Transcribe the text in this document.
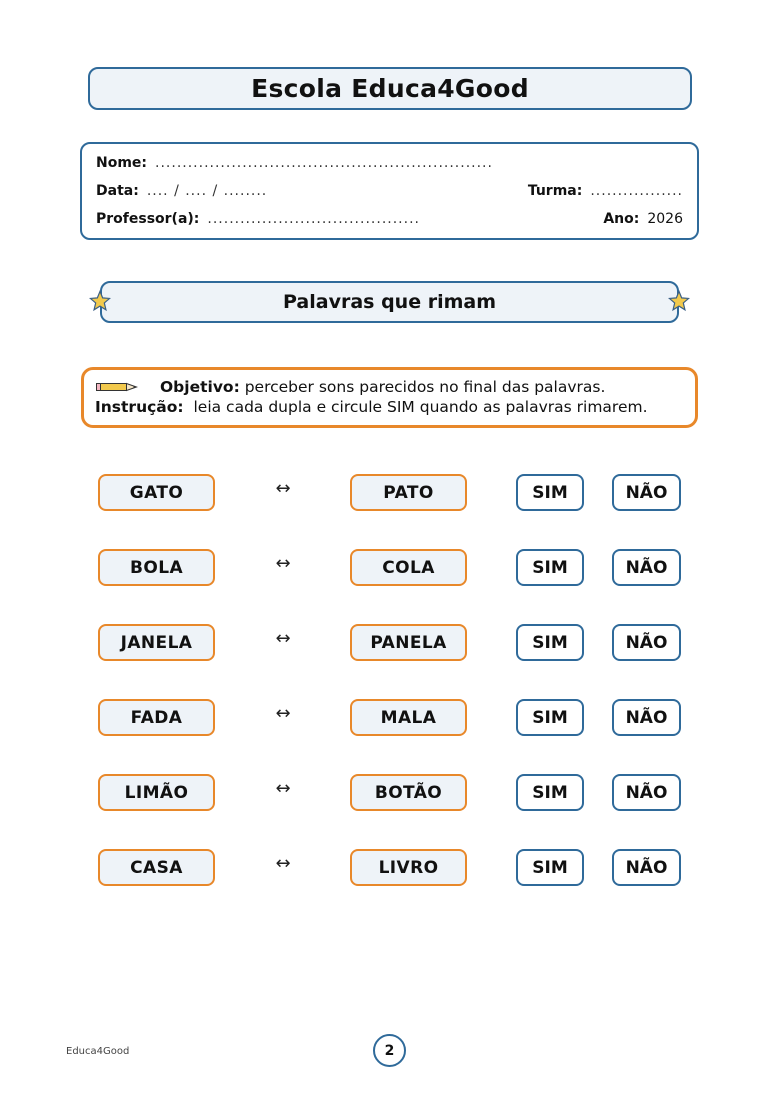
Escola Educa4Good
Nome: ..............................................................
Data: .... / .... / ........	Turma: .................
Professor(a): .......................................	Ano: 2026
Palavras que rimam
Objetivo:
perceber sons parecidos no final das palavras.
Instrução: leia cada dupla e circule SIM quando as palavras rimarem.
GATO	↔	PATO	SIM	NÃO
BOLA	↔	COLA	SIM	NÃO
JANELA	↔	PANELA	SIM	NÃO
FADA	↔	MALA	SIM	NÃO
LIMÃO	↔	BOTÃO	SIM	NÃO
CASA	↔	LIVRO	SIM	NÃO
Educa4Good	2
